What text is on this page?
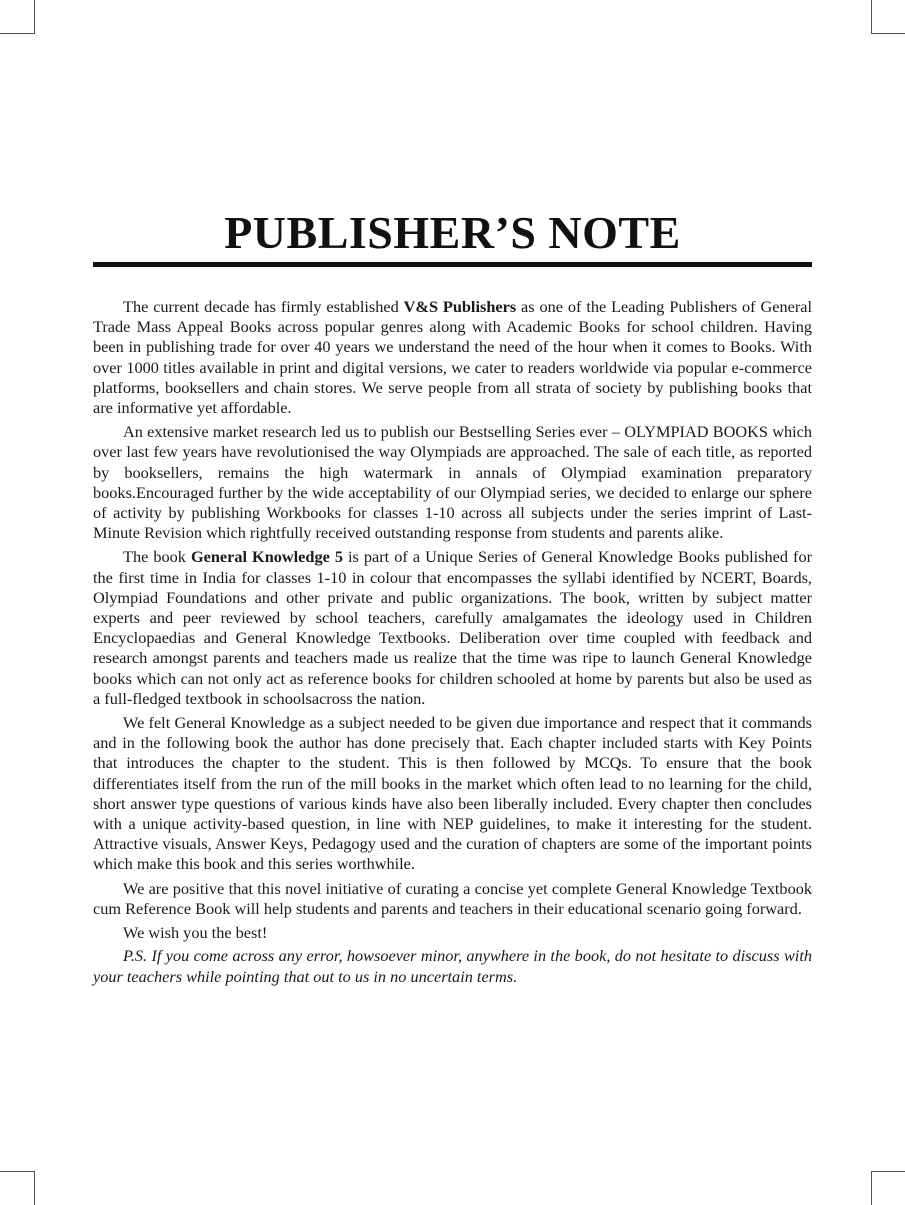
PUBLISHER’S NOTE

The current decade has firmly established V&S Publishers as one of the Leading Publishers of General Trade Mass Appeal Books across popular genres along with Academic Books for school children. Having been in publishing trade for over 40 years we understand the need of the hour when it comes to Books. With over 1000 titles available in print and digital versions, we cater to readers worldwide via popular e-commerce platforms, booksellers and chain stores. We serve people from all strata of society by publishing books that are informative yet affordable.

An extensive market research led us to publish our Bestselling Series ever – OLYMPIAD BOOKS which over last few years have revolutionised the way Olympiads are approached. The sale of each title, as reported by booksellers, remains the high watermark in annals of Olympiad examination preparatory books.Encouraged further by the wide acceptability of our Olympiad series, we decided to enlarge our sphere of activity by publishing Workbooks for classes 1-10 across all subjects under the series imprint of Last-Minute Revision which rightfully received outstanding response from students and parents alike.

The book General Knowledge 5 is part of a Unique Series of General Knowledge Books published for the first time in India for classes 1-10 in colour that encompasses the syllabi identified by NCERT, Boards, Olympiad Foundations and other private and public organizations. The book, written by subject matter experts and peer reviewed by school teachers, carefully amalgamates the ideology used in Children Encyclopaedias and General Knowledge Textbooks. Deliberation over time coupled with feedback and research amongst parents and teachers made us realize that the time was ripe to launch General Knowledge books which can not only act as reference books for children schooled at home by parents but also be used as a full-fledged textbook in schoolsacross the nation.

We felt General Knowledge as a subject needed to be given due importance and respect that it commands and in the following book the author has done precisely that. Each chapter included starts with Key Points that introduces the chapter to the student. This is then followed by MCQs. To ensure that the book differentiates itself from the run of the mill books in the market which often lead to no learning for the child, short answer type questions of various kinds have also been liberally included. Every chapter then concludes with a unique activity-based question, in line with NEP guidelines, to make it interesting for the student. Attractive visuals, Answer Keys, Pedagogy used and the curation of chapters are some of the important points which make this book and this series worthwhile.

We are positive that this novel initiative of curating a concise yet complete General Knowledge Textbook cum Reference Book will help students and parents and teachers in their educational scenario going forward.

We wish you the best!

P.S. If you come across any error, howsoever minor, anywhere in the book, do not hesitate to discuss with your teachers while pointing that out to us in no uncertain terms.
